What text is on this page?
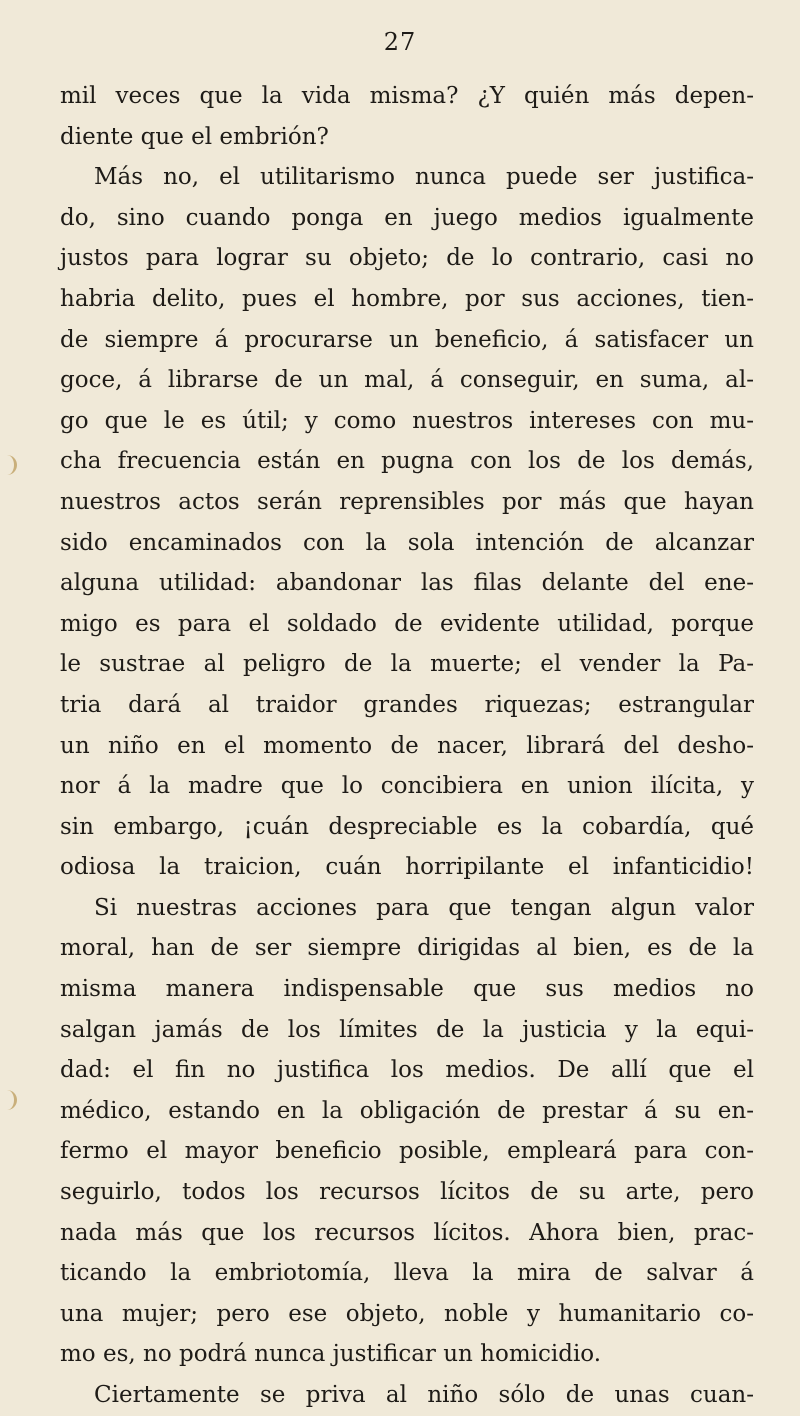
27
mil veces que la vida misma? ¿Y quién más depen-
diente que el embrión?
Más no, el utilitarismo nunca puede ser justifica-
do, sino cuando ponga en juego medios igualmente
justos para lograr su objeto; de lo contrario, casi no
habria delito, pues el hombre, por sus acciones, tien-
de siempre á procurarse un beneficio, á satisfacer un
goce, á librarse de un mal, á conseguir, en suma, al-
go que le es útil; y como nuestros intereses con mu-
cha frecuencia están en pugna con los de los demás,
nuestros actos serán reprensibles por más que hayan
sido encaminados con la sola intención de alcanzar
alguna utilidad: abandonar las filas delante del ene-
migo es para el soldado de evidente utilidad, porque
le sustrae al peligro de la muerte; el vender la Pa-
tria dará al traidor grandes riquezas; estrangular
un niño en el momento de nacer, librará del desho-
nor á la madre que lo concibiera en union ilícita, y
sin embargo, ¡cuán despreciable es la cobardía, qué
odiosa la traicion, cuán horripilante el infanticidio!
Si nuestras acciones para que tengan algun valor
moral, han de ser siempre dirigidas al bien, es de la
misma manera indispensable que sus medios no
salgan jamás de los límites de la justicia y la equi-
dad: el fin no justifica los medios. De allí que el
médico, estando en la obligación de prestar á su en-
fermo el mayor beneficio posible, empleará para con-
seguirlo, todos los recursos lícitos de su arte, pero
nada más que los recursos lícitos. Ahora bien, prac-
ticando la embriotomía, lleva la mira de salvar á
una mujer; pero ese objeto, noble y humanitario co-
mo es, no podrá nunca justificar un homicidio.
Ciertamente se priva al niño sólo de unas cuan-
